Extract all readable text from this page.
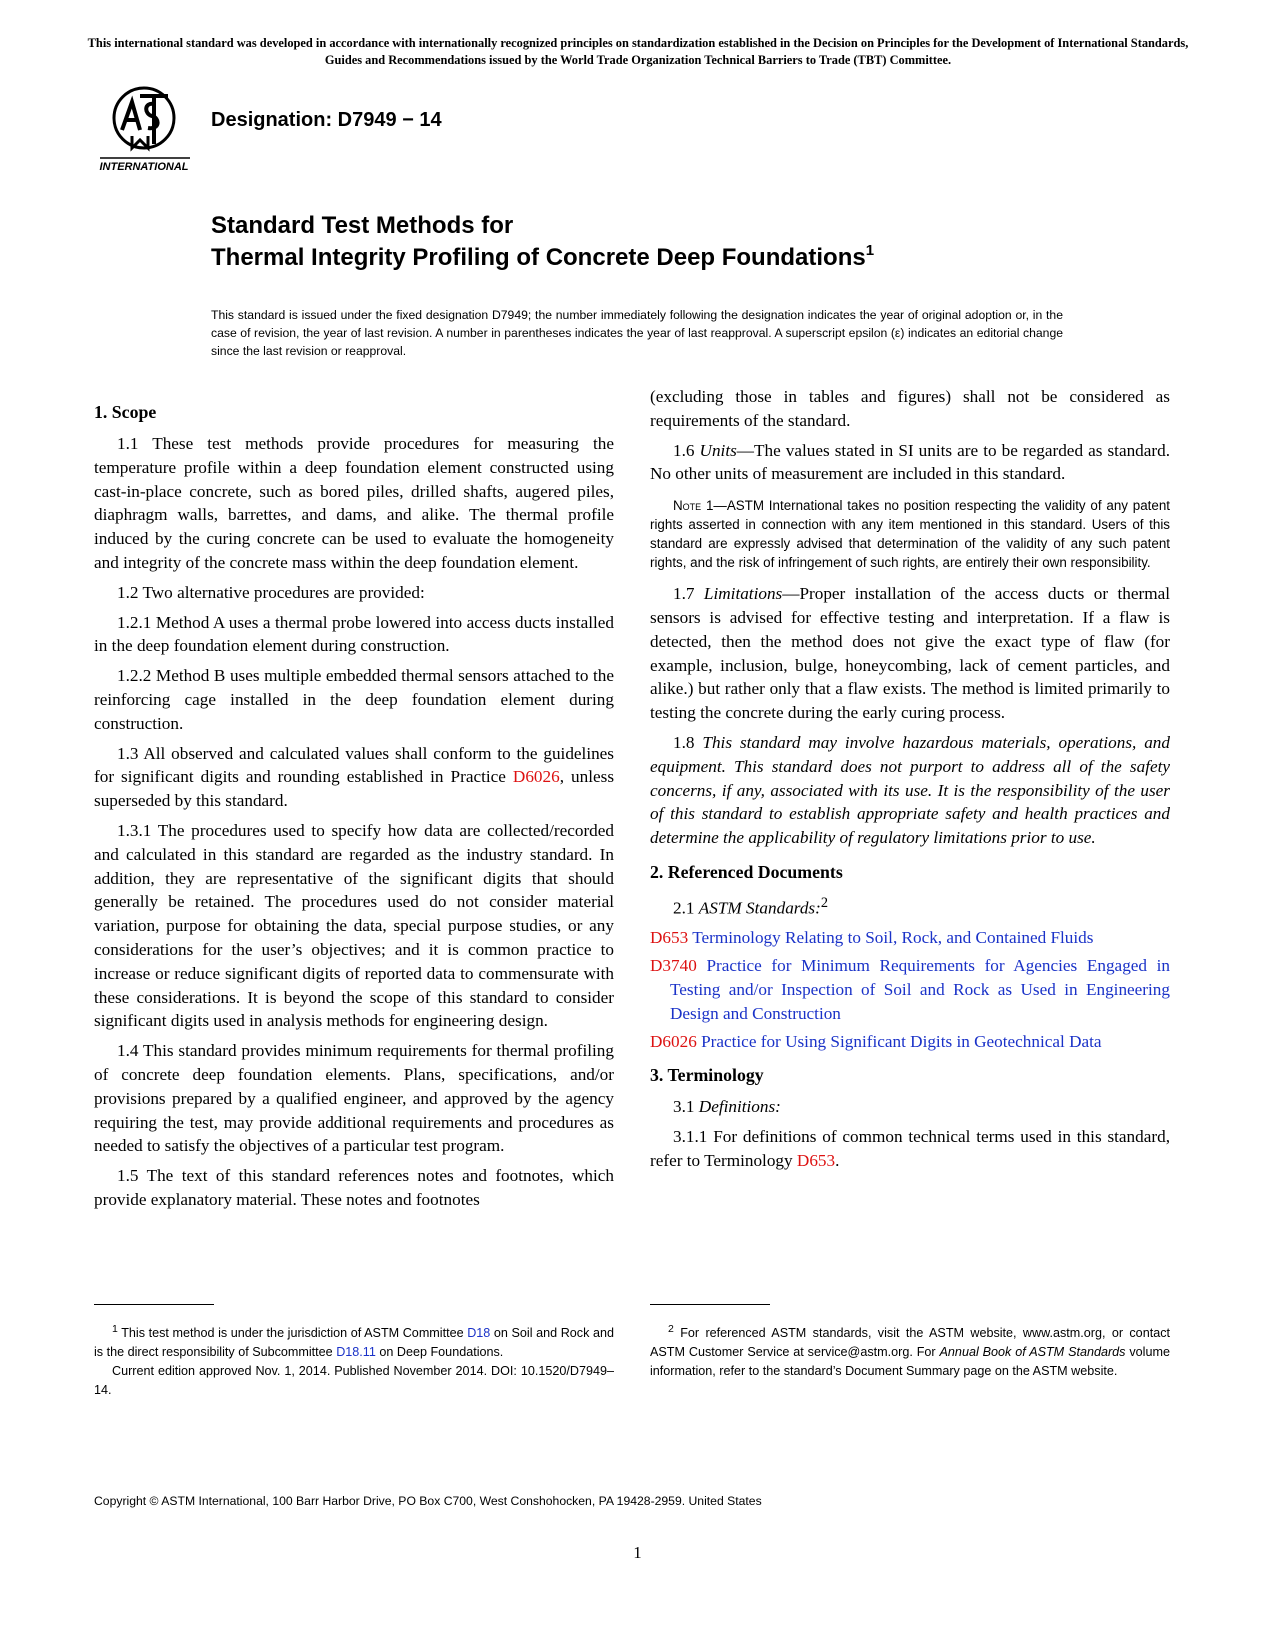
This international standard was developed in accordance with internationally recognized principles on standardization established in the Decision on Principles for the Development of International Standards, Guides and Recommendations issued by the World Trade Organization Technical Barriers to Trade (TBT) Committee.
INTERNATIONAL
Designation: D7949 − 14
Standard Test Methods for
Thermal Integrity Profiling of Concrete Deep Foundations$^1$
This standard is issued under the fixed designation D7949; the number immediately following the designation indicates the year of original adoption or, in the case of revision, the year of last revision. A number in parentheses indicates the year of last reapproval. A superscript epsilon (ε) indicates an editorial change since the last revision or reapproval.
1. Scope

1.1 These test methods provide procedures for measuring the temperature profile within a deep foundation element constructed using cast-in-place concrete, such as bored piles, drilled shafts, augered piles, diaphragm walls, barrettes, and dams, and alike. The thermal profile induced by the curing concrete can be used to evaluate the homogeneity and integrity of the concrete mass within the deep foundation element.

1.2 Two alternative procedures are provided:

1.2.1 Method A uses a thermal probe lowered into access ducts installed in the deep foundation element during construction.

1.2.2 Method B uses multiple embedded thermal sensors attached to the reinforcing cage installed in the deep foundation element during construction.

1.3 All observed and calculated values shall conform to the guidelines for significant digits and rounding established in Practice D6026, unless superseded by this standard.

1.3.1 The procedures used to specify how data are collected/recorded and calculated in this standard are regarded as the industry standard. In addition, they are representative of the significant digits that should generally be retained. The procedures used do not consider material variation, purpose for obtaining the data, special purpose studies, or any considerations for the user’s objectives; and it is common practice to increase or reduce significant digits of reported data to commensurate with these considerations. It is beyond the scope of this standard to consider significant digits used in analysis methods for engineering design.

1.4 This standard provides minimum requirements for thermal profiling of concrete deep foundation elements. Plans, specifications, and/or provisions prepared by a qualified engineer, and approved by the agency requiring the test, may provide additional requirements and procedures as needed to satisfy the objectives of a particular test program.

1.5 The text of this standard references notes and footnotes, which provide explanatory material. These notes and footnotes

(excluding those in tables and figures) shall not be considered as requirements of the standard.

1.6 Units—The values stated in SI units are to be regarded as standard. No other units of measurement are included in this standard.

Note 1—ASTM International takes no position respecting the validity of any patent rights asserted in connection with any item mentioned in this standard. Users of this standard are expressly advised that determination of the validity of any such patent rights, and the risk of infringement of such rights, are entirely their own responsibility.

1.7 Limitations—Proper installation of the access ducts or thermal sensors is advised for effective testing and interpretation. If a flaw is detected, then the method does not give the exact type of flaw (for example, inclusion, bulge, honeycombing, lack of cement particles, and alike.) but rather only that a flaw exists. The method is limited primarily to testing the concrete during the early curing process.

1.8 This standard may involve hazardous materials, operations, and equipment. This standard does not purport to address all of the safety concerns, if any, associated with its use. It is the responsibility of the user of this standard to establish appropriate safety and health practices and determine the applicability of regulatory limitations prior to use.

2. Referenced Documents

2.1 ASTM Standards:$^2$

D653 Terminology Relating to Soil, Rock, and Contained Fluids
D3740 Practice for Minimum Requirements for Agencies Engaged in Testing and/or Inspection of Soil and Rock as Used in Engineering Design and Construction
D6026 Practice for Using Significant Digits in Geotechnical Data
3. Terminology

3.1 Definitions:

3.1.1 For definitions of common technical terms used in this standard, refer to Terminology D653.

$^1$ This test method is under the jurisdiction of ASTM Committee D18 on Soil and Rock and is the direct responsibility of Subcommittee D18.11 on Deep Foundations.

Current edition approved Nov. 1, 2014. Published November 2014. DOI: 10.1520/D7949–14.

$^2$ For referenced ASTM standards, visit the ASTM website, www.astm.org, or contact ASTM Customer Service at service@astm.org. For Annual Book of ASTM Standards volume information, refer to the standard’s Document Summary page on the ASTM website.

Copyright © ASTM International, 100 Barr Harbor Drive, PO Box C700, West Conshohocken, PA 19428-2959. United States
1
